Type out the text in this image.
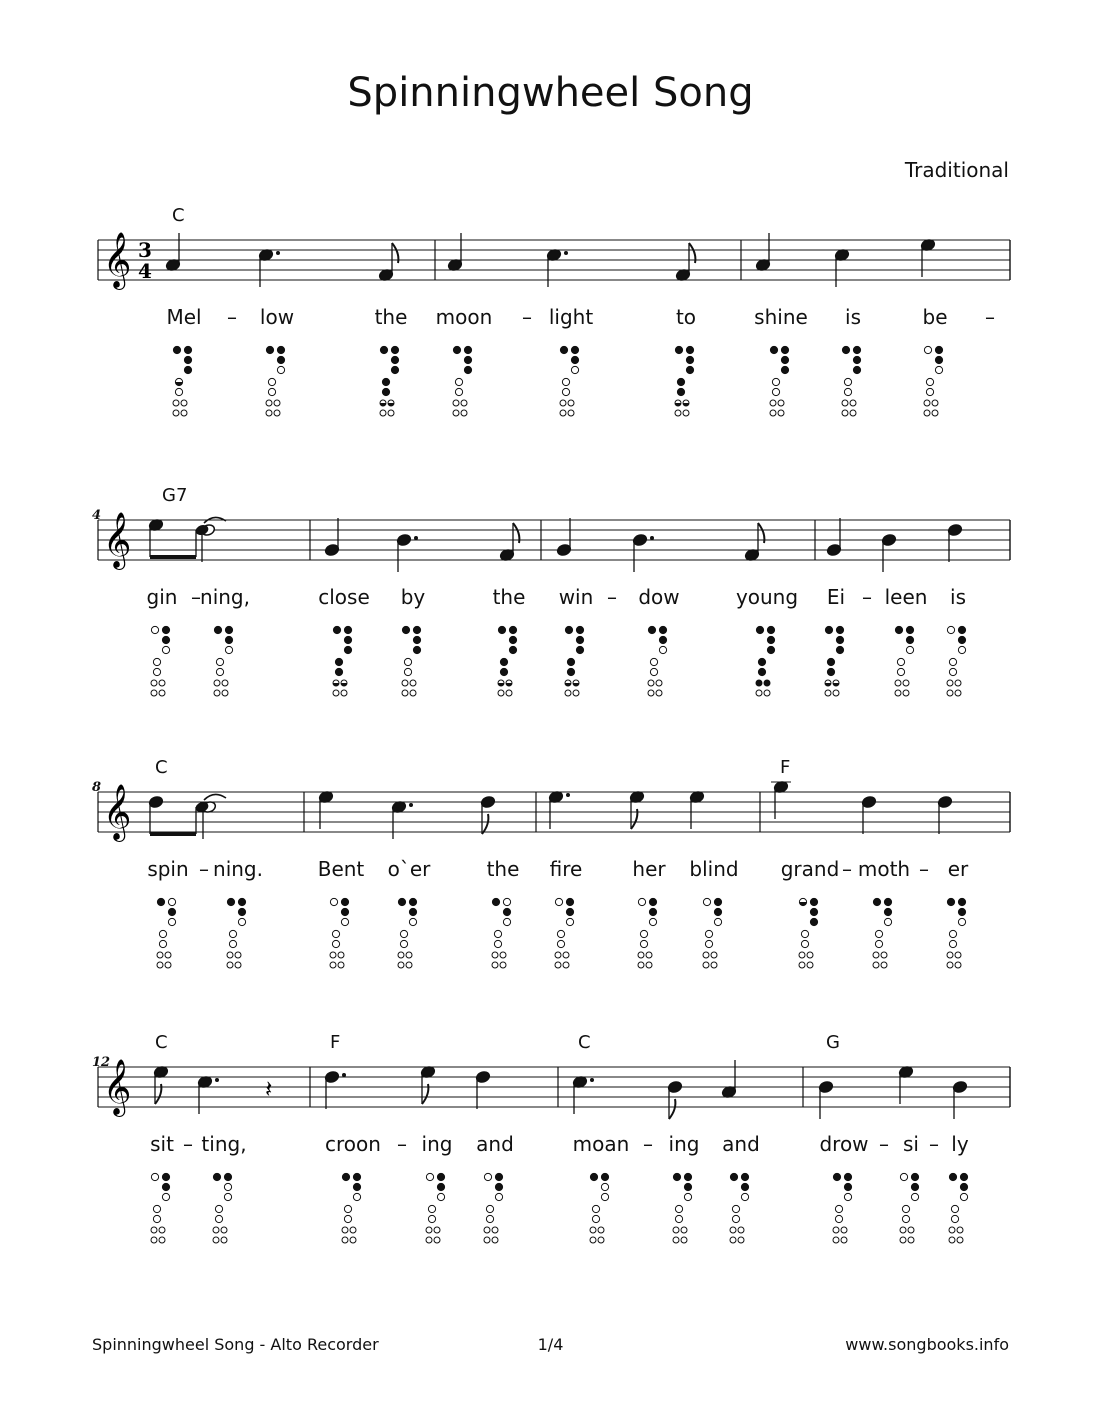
Spinningwheel Song
Traditional
C
𝄞 3
4
Mel	low	the moon	light	to	shine is	be
–	–	–
4
G7
𝄞
gin ning,	close by	the win dow	young Ei leen is
–	–	–
8
C	F
𝄞
spin ning.	Bent o`er	the fire	her blind grand moth er
–	–	–
12
C	F	C	G
𝄞	𝄽
sit ting,	croon ing and	moan ing and	drow si ly
–	–	–	– –
Spinningwheel Song - Alto Recorder	1/4	www.songbooks.info
